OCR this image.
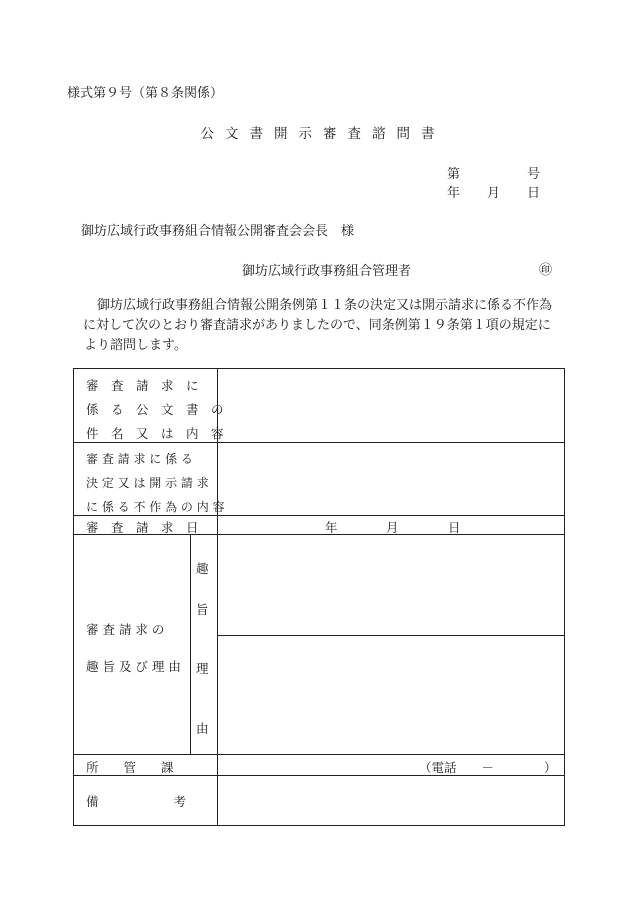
様式第９号（第８条関係）
公文書開示審査諮問書
第	号
年 月 日
御坊広域行政事務組合情報公開審査会会長　様
御坊広域行政事務組合管理者	㊞
御坊広域行政事務組合情報公開条例第１１条の決定又は開示請求に係る不作為
に対して次のとおり審査請求がありましたので、同条例第１９条第１項の規定に
より諮問します。
審　査　請　求　に
係　る　公　文　書　の
件　名　又　は　内　容
審 査 請 求 に 係 る
決 定 又 は 開 示 請 求
に 係 る 不 作 為 の 内 容
審　査　請　求　日	年	月	日
審 査 請 求 の
趣 旨 及 び 理 由
趣
旨
理
由
所　　管　　課	（電話　　－　　　　）
備　　　　　　考
